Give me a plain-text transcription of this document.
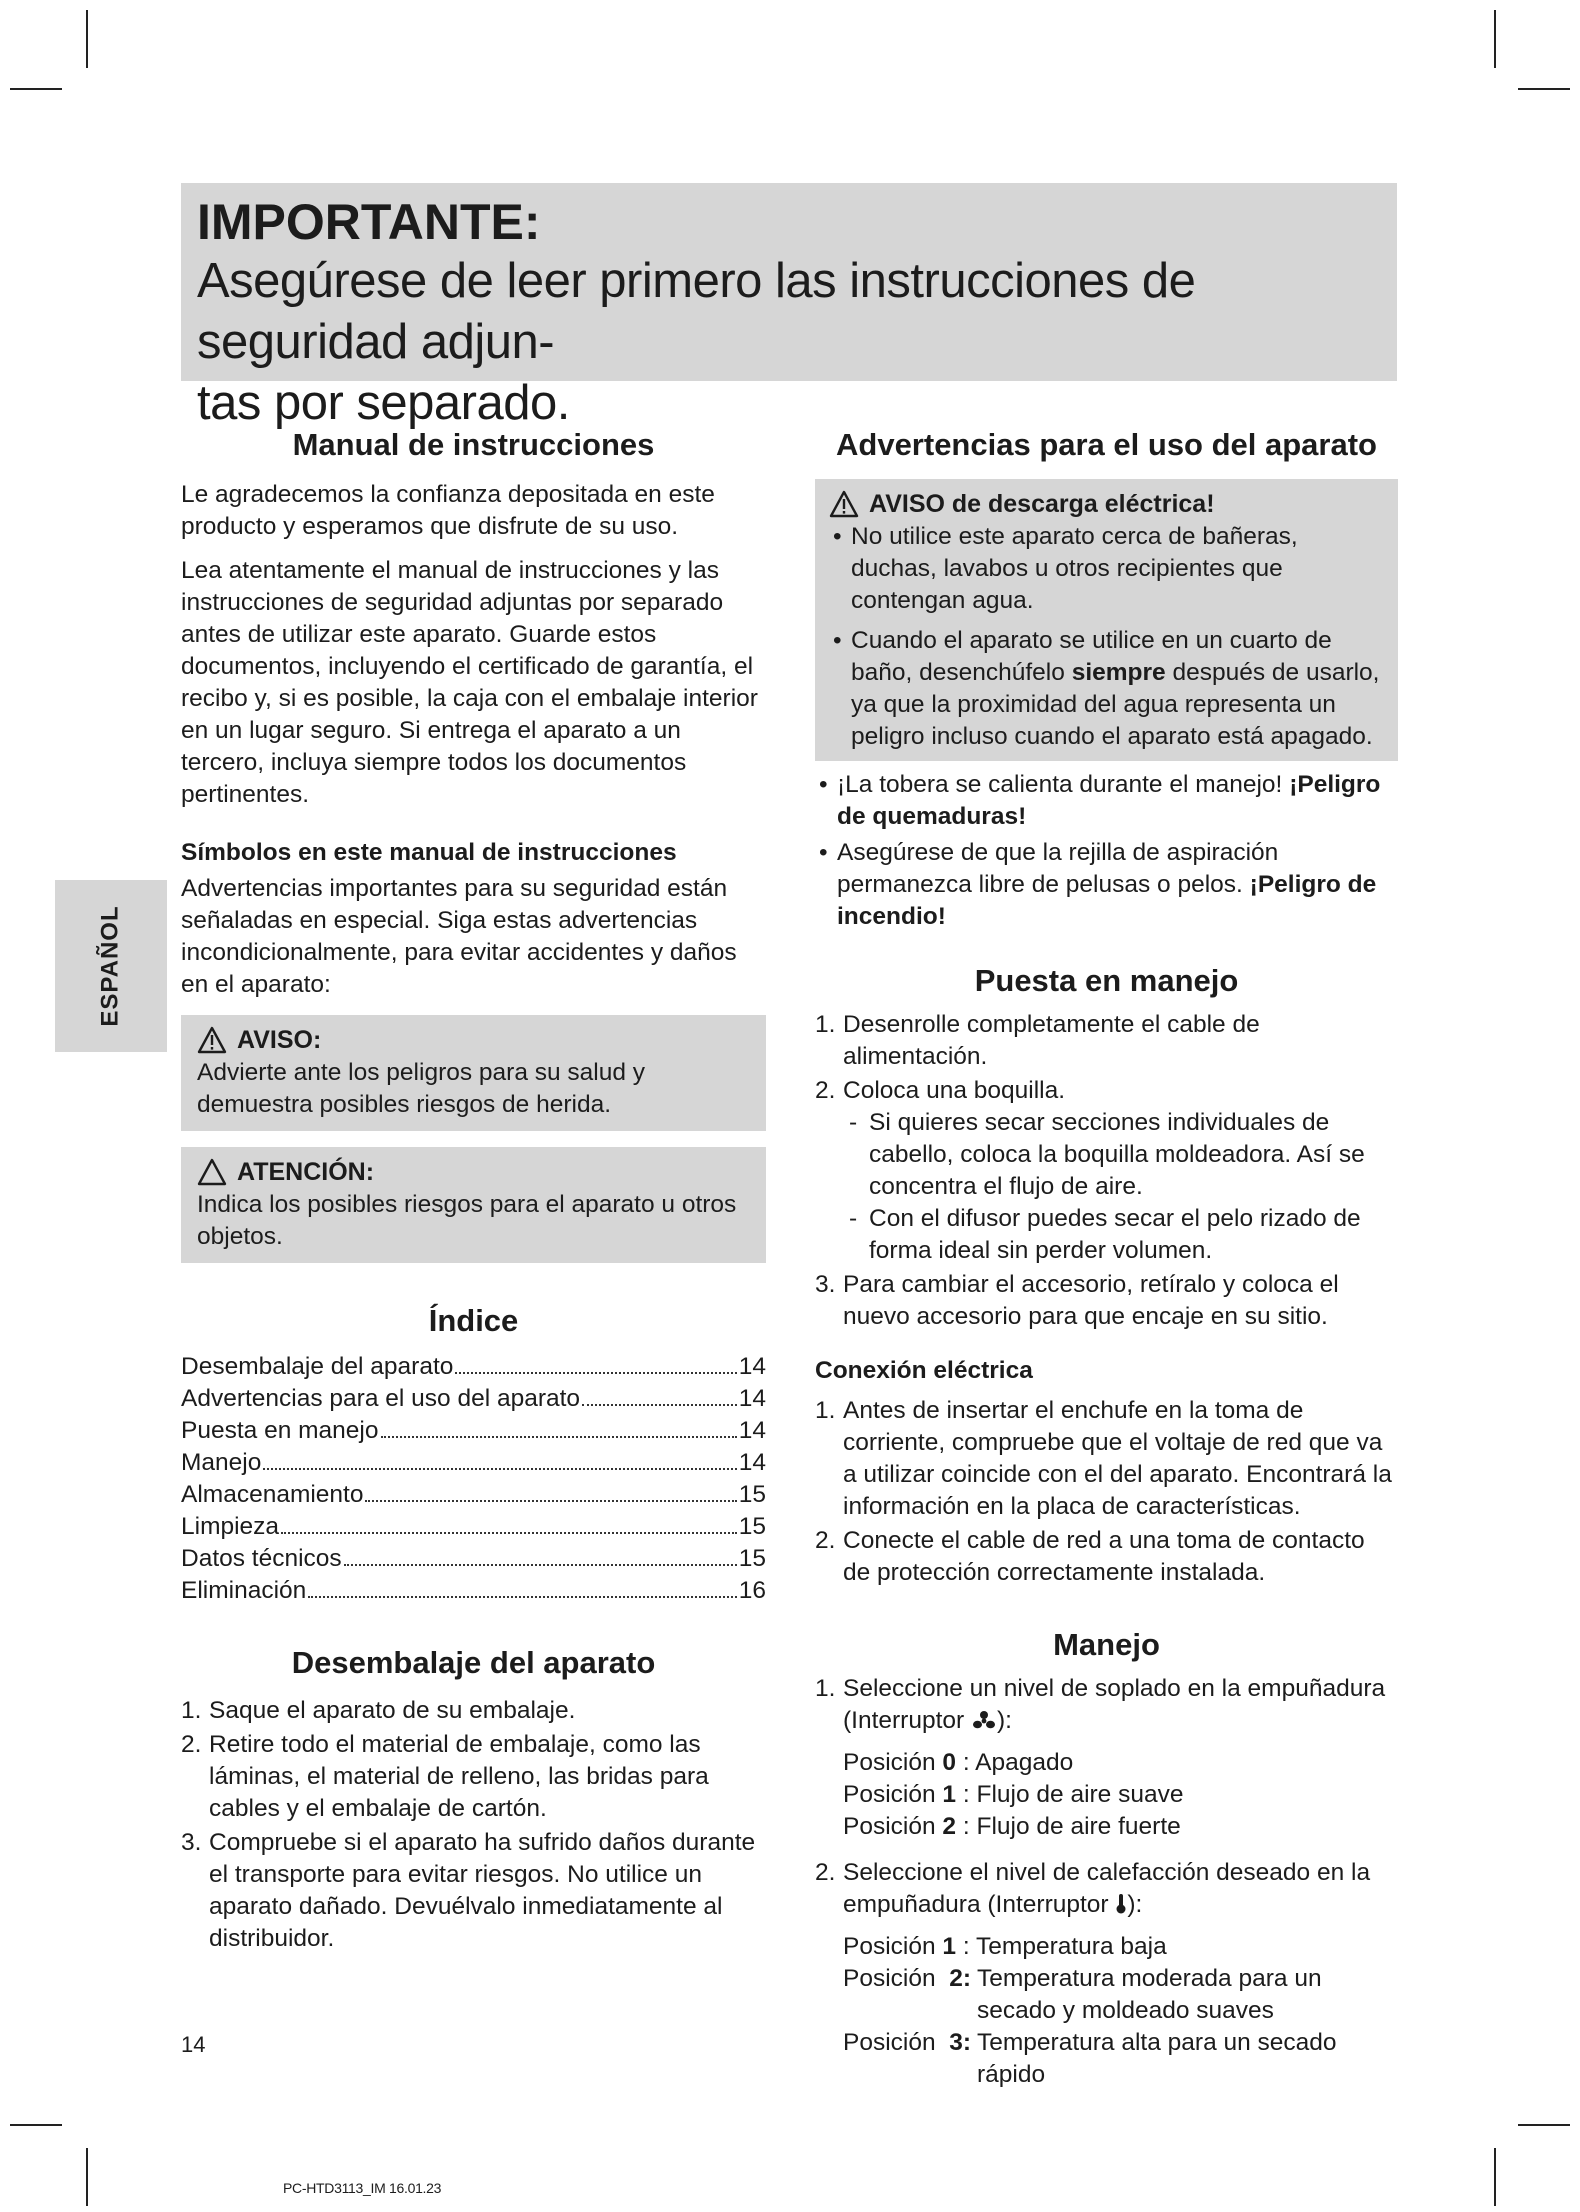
IMPORTANTE:
Asegúrese de leer primero las instrucciones de seguridad adjun-
tas por separado.
ESPAÑOL
Manual de instrucciones

Le agradecemos la confianza depositada en este producto y esperamos que disfrute de su uso.

Lea atentamente el manual de instrucciones y las instrucciones de seguridad adjuntas por separado antes de utilizar este aparato. Guarde estos documentos, incluyendo el certificado de garantía, el recibo y, si es posible, la caja con el embalaje interior en un lugar seguro. Si entrega el aparato a un tercero, incluya siempre todos los documentos pertinentes.

Símbolos en este manual de instrucciones

Advertencias importantes para su seguridad están señaladas en especial. Siga estas advertencias incondicionalmente, para evitar accidentes y daños en el aparato:

AVISO:
Advierte ante los peligros para su salud y demuestra posibles riesgos de herida.
ATENCIÓN:
Indica los posibles riesgos para el aparato u otros objetos.
Índice
Desembalaje del aparato	14
Advertencias para el uso del aparato	14
Puesta en manejo	14
Manejo	14
Almacenamiento	15
Limpieza	15
Datos técnicos	15
Eliminación	16
Desembalaje del aparato
1. Saque el aparato de su embalaje.
2. Retire todo el material de embalaje, como las láminas, el material de relleno, las bridas para cables y el embalaje de cartón.
3. Compruebe si el aparato ha sufrido daños durante el transporte para evitar riesgos. No utilice un aparato dañado. Devuélvalo inmediatamente al distribuidor.
Advertencias para el uso del aparato
AVISO de descarga eléctrica!
• No utilice este aparato cerca de bañeras, duchas, lavabos u otros recipientes que contengan agua.
• Cuando el aparato se utilice en un cuarto de baño, desenchúfelo siempre después de usarlo, ya que la proximidad del agua representa un peligro incluso cuando el aparato está apagado.
• ¡La tobera se calienta durante el manejo! ¡Peligro de quemaduras!
• Asegúrese de que la rejilla de aspiración permanezca libre de pelusas o pelos. ¡Peligro de incendio!
Puesta en manejo
1. Desenrolle completamente el cable de alimentación.
2. Coloca una boquilla.
- Si quieres secar secciones individuales de cabello, coloca la boquilla moldeadora. Así se concentra el flujo de aire.
- Con el difusor puedes secar el pelo rizado de forma ideal sin perder volumen.
3. Para cambiar el accesorio, retíralo y coloca el nuevo accesorio para que encaje en su sitio.
Conexión eléctrica
1. Antes de insertar el enchufe en la toma de corriente, compruebe que el voltaje de red que va a utilizar coincide con el del aparato. Encontrará la información en la placa de características.
2. Conecte el cable de red a una toma de contacto de protección correctamente instalada.
Manejo
1. Seleccione un nivel de soplado en la empuñadura (Interruptor ):
Posición 0 : Apagado
Posición 1 : Flujo de aire suave
Posición 2 : Flujo de aire fuerte
2. Seleccione el nivel de calefacción deseado en la empuñadura (Interruptor ):
Posición 1 : Temperatura baja
Posición 2: Temperatura moderada para un secado y moldeado suaves
Posición 3: Temperatura alta para un secado rápido
14
PC-HTD3113_IM 16.01.23
